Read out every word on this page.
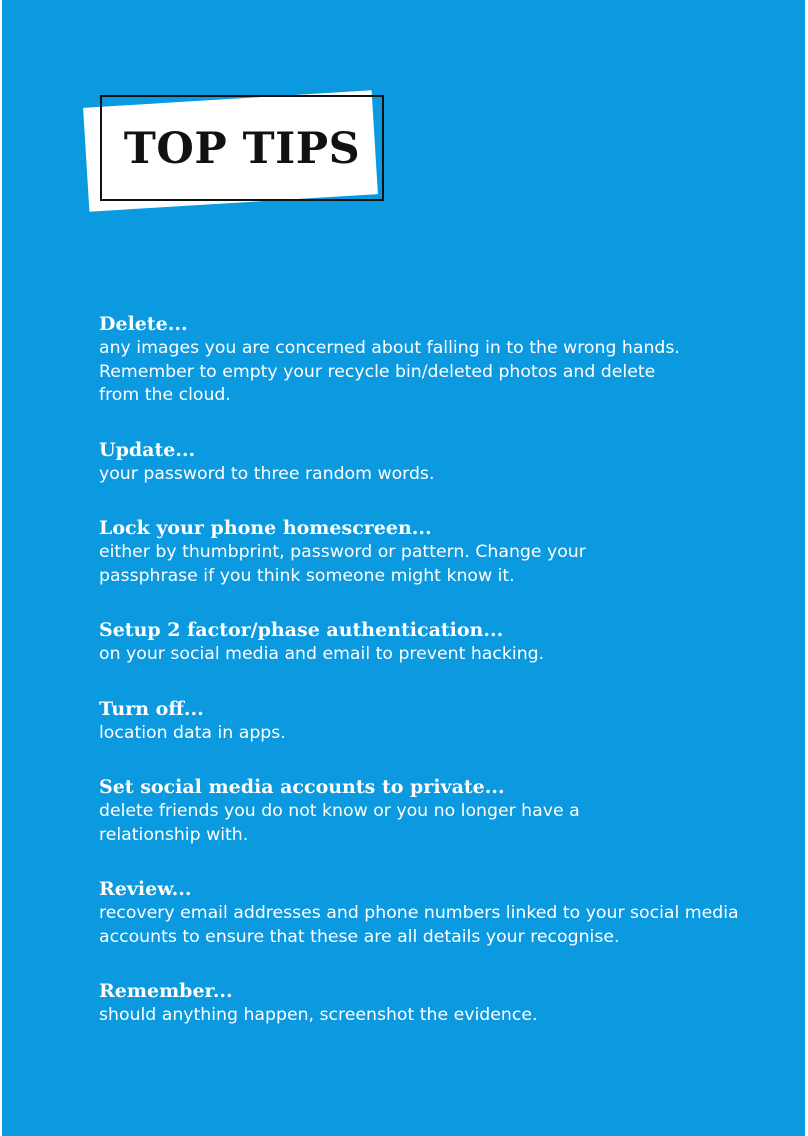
TOP TIPS
Delete...
any images you are concerned about falling in to the wrong hands. Remember to empty your recycle bin/deleted photos and delete from the cloud.
Update...
your password to three random words.
Lock your phone homescreen...
either by thumbprint, password or pattern. Change your passphrase if you think someone might know it.
Setup 2 factor/phase authentication...
on your social media and email to prevent hacking.
Turn off...
location data in apps.
Set social media accounts to private...
delete friends you do not know or you no longer have a relationship with.
Review...
recovery email addresses and phone numbers linked to your social media accounts to ensure that these are all details your recognise.
Remember...
should anything happen, screenshot the evidence.
